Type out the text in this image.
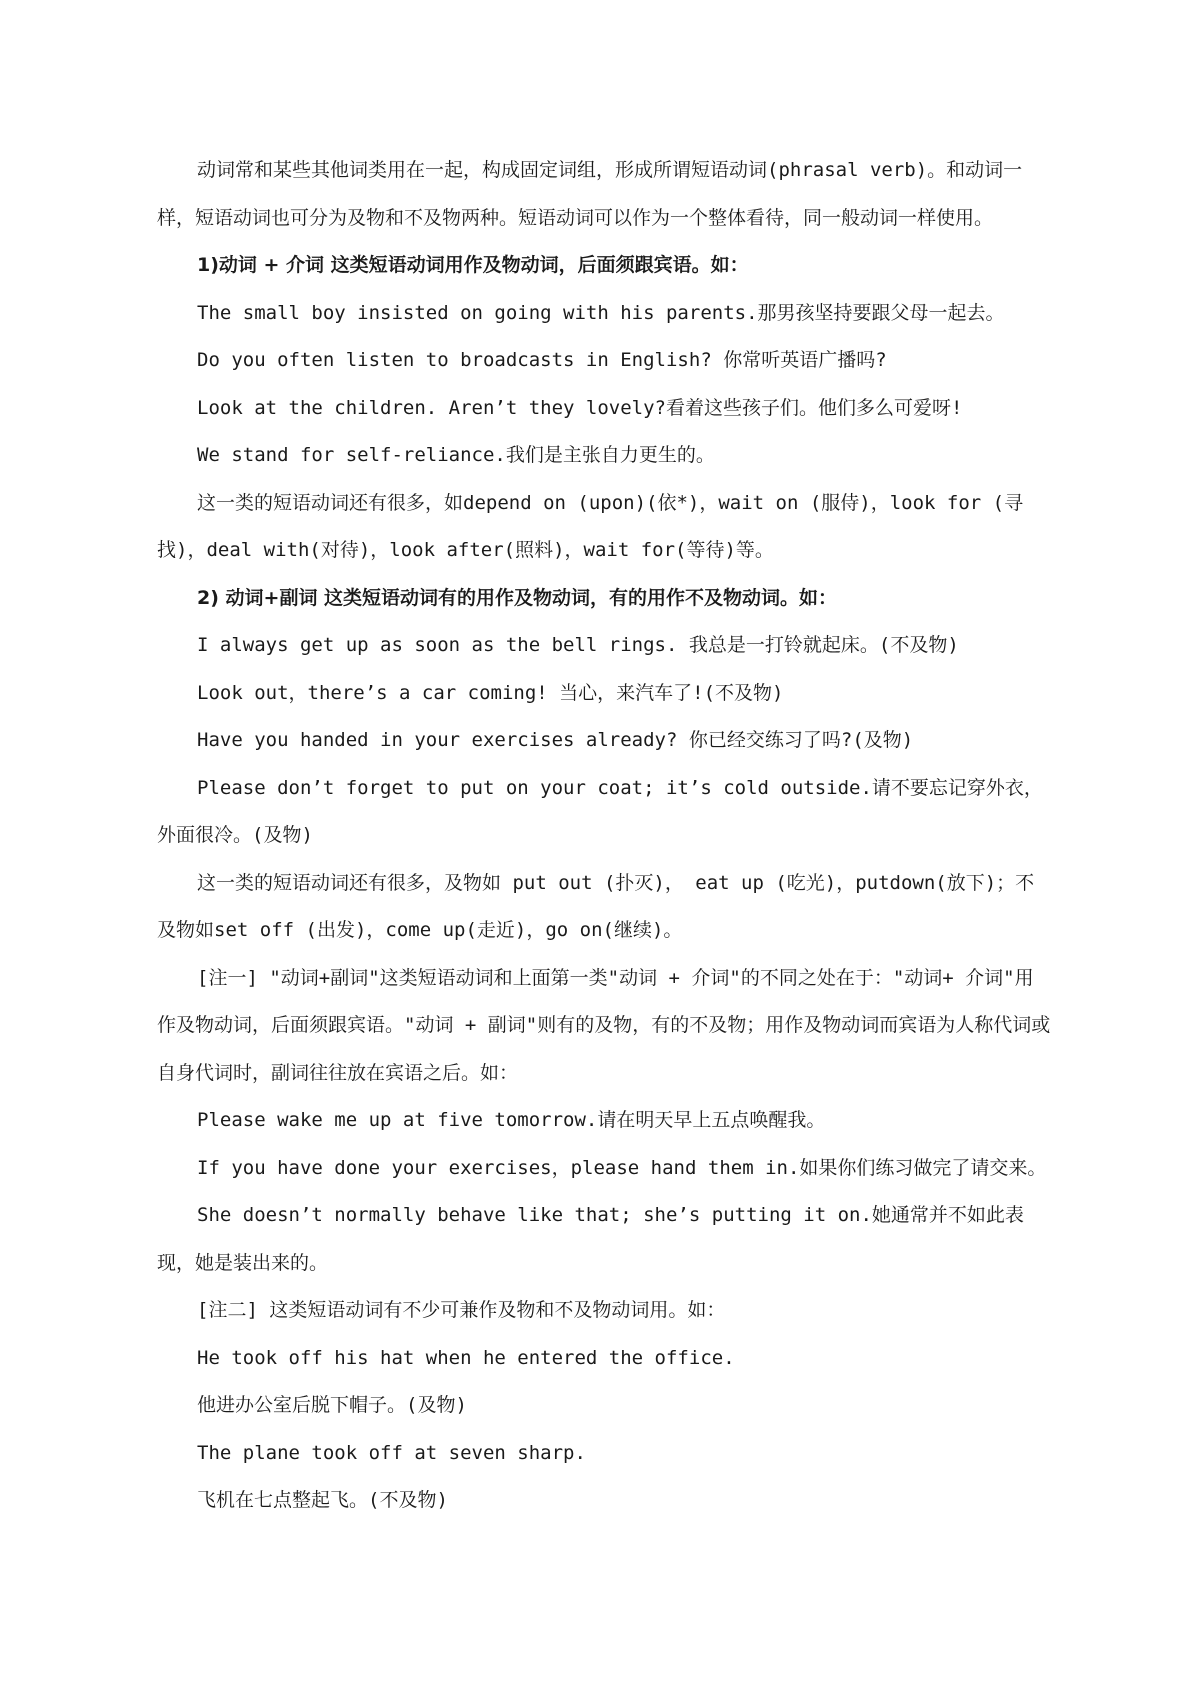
动词常和某些其他词类用在一起，构成固定词组，形成所谓短语动词(phrasal verb)。和动词一样，短语动词也可分为及物和不及物两种。短语动词可以作为一个整体看待，同一般动词一样使用。

1)动词 + 介词 这类短语动词用作及物动词，后面须跟宾语。如：

The small boy insisted on going with his parents.那男孩坚持要跟父母一起去。

Do you often listen to broadcasts in English? 你常听英语广播吗?

Look at the children. Aren’t they lovely?看着这些孩子们。他们多么可爱呀!

We stand for self-reliance.我们是主张自力更生的。

这一类的短语动词还有很多，如depend on (upon)(依*)，wait on (服侍)，look for (寻找)，deal with(对待)，look after(照料)，wait for(等待)等。

2) 动词+副词 这类短语动词有的用作及物动词，有的用作不及物动词。如：

I always get up as soon as the bell rings. 我总是一打铃就起床。(不及物)

Look out，there’s a car coming! 当心，来汽车了!(不及物)

Have you handed in your exercises already? 你已经交练习了吗?(及物)

Please don’t forget to put on your coat; it’s cold outside.请不要忘记穿外衣，外面很冷。(及物)

这一类的短语动词还有很多，及物如 put out (扑灭)， eat up (吃光)，putdown(放下)；不及物如set off (出发)，come up(走近)，go on(继续)。

[注一] "动词+副词"这类短语动词和上面第一类"动词 + 介词"的不同之处在于："动词+ 介词"用作及物动词，后面须跟宾语。"动词 + 副词"则有的及物，有的不及物；用作及物动词而宾语为人称代词或自身代词时，副词往往放在宾语之后。如：

Please wake me up at five tomorrow.请在明天早上五点唤醒我。

If you have done your exercises，please hand them in.如果你们练习做完了请交来。

She doesn’t normally behave like that; she’s putting it on.她通常并不如此表现，她是装出来的。

[注二] 这类短语动词有不少可兼作及物和不及物动词用。如：

He took off his hat when he entered the office.

他进办公室后脱下帽子。(及物)

The plane took off at seven sharp.

飞机在七点整起飞。(不及物)
